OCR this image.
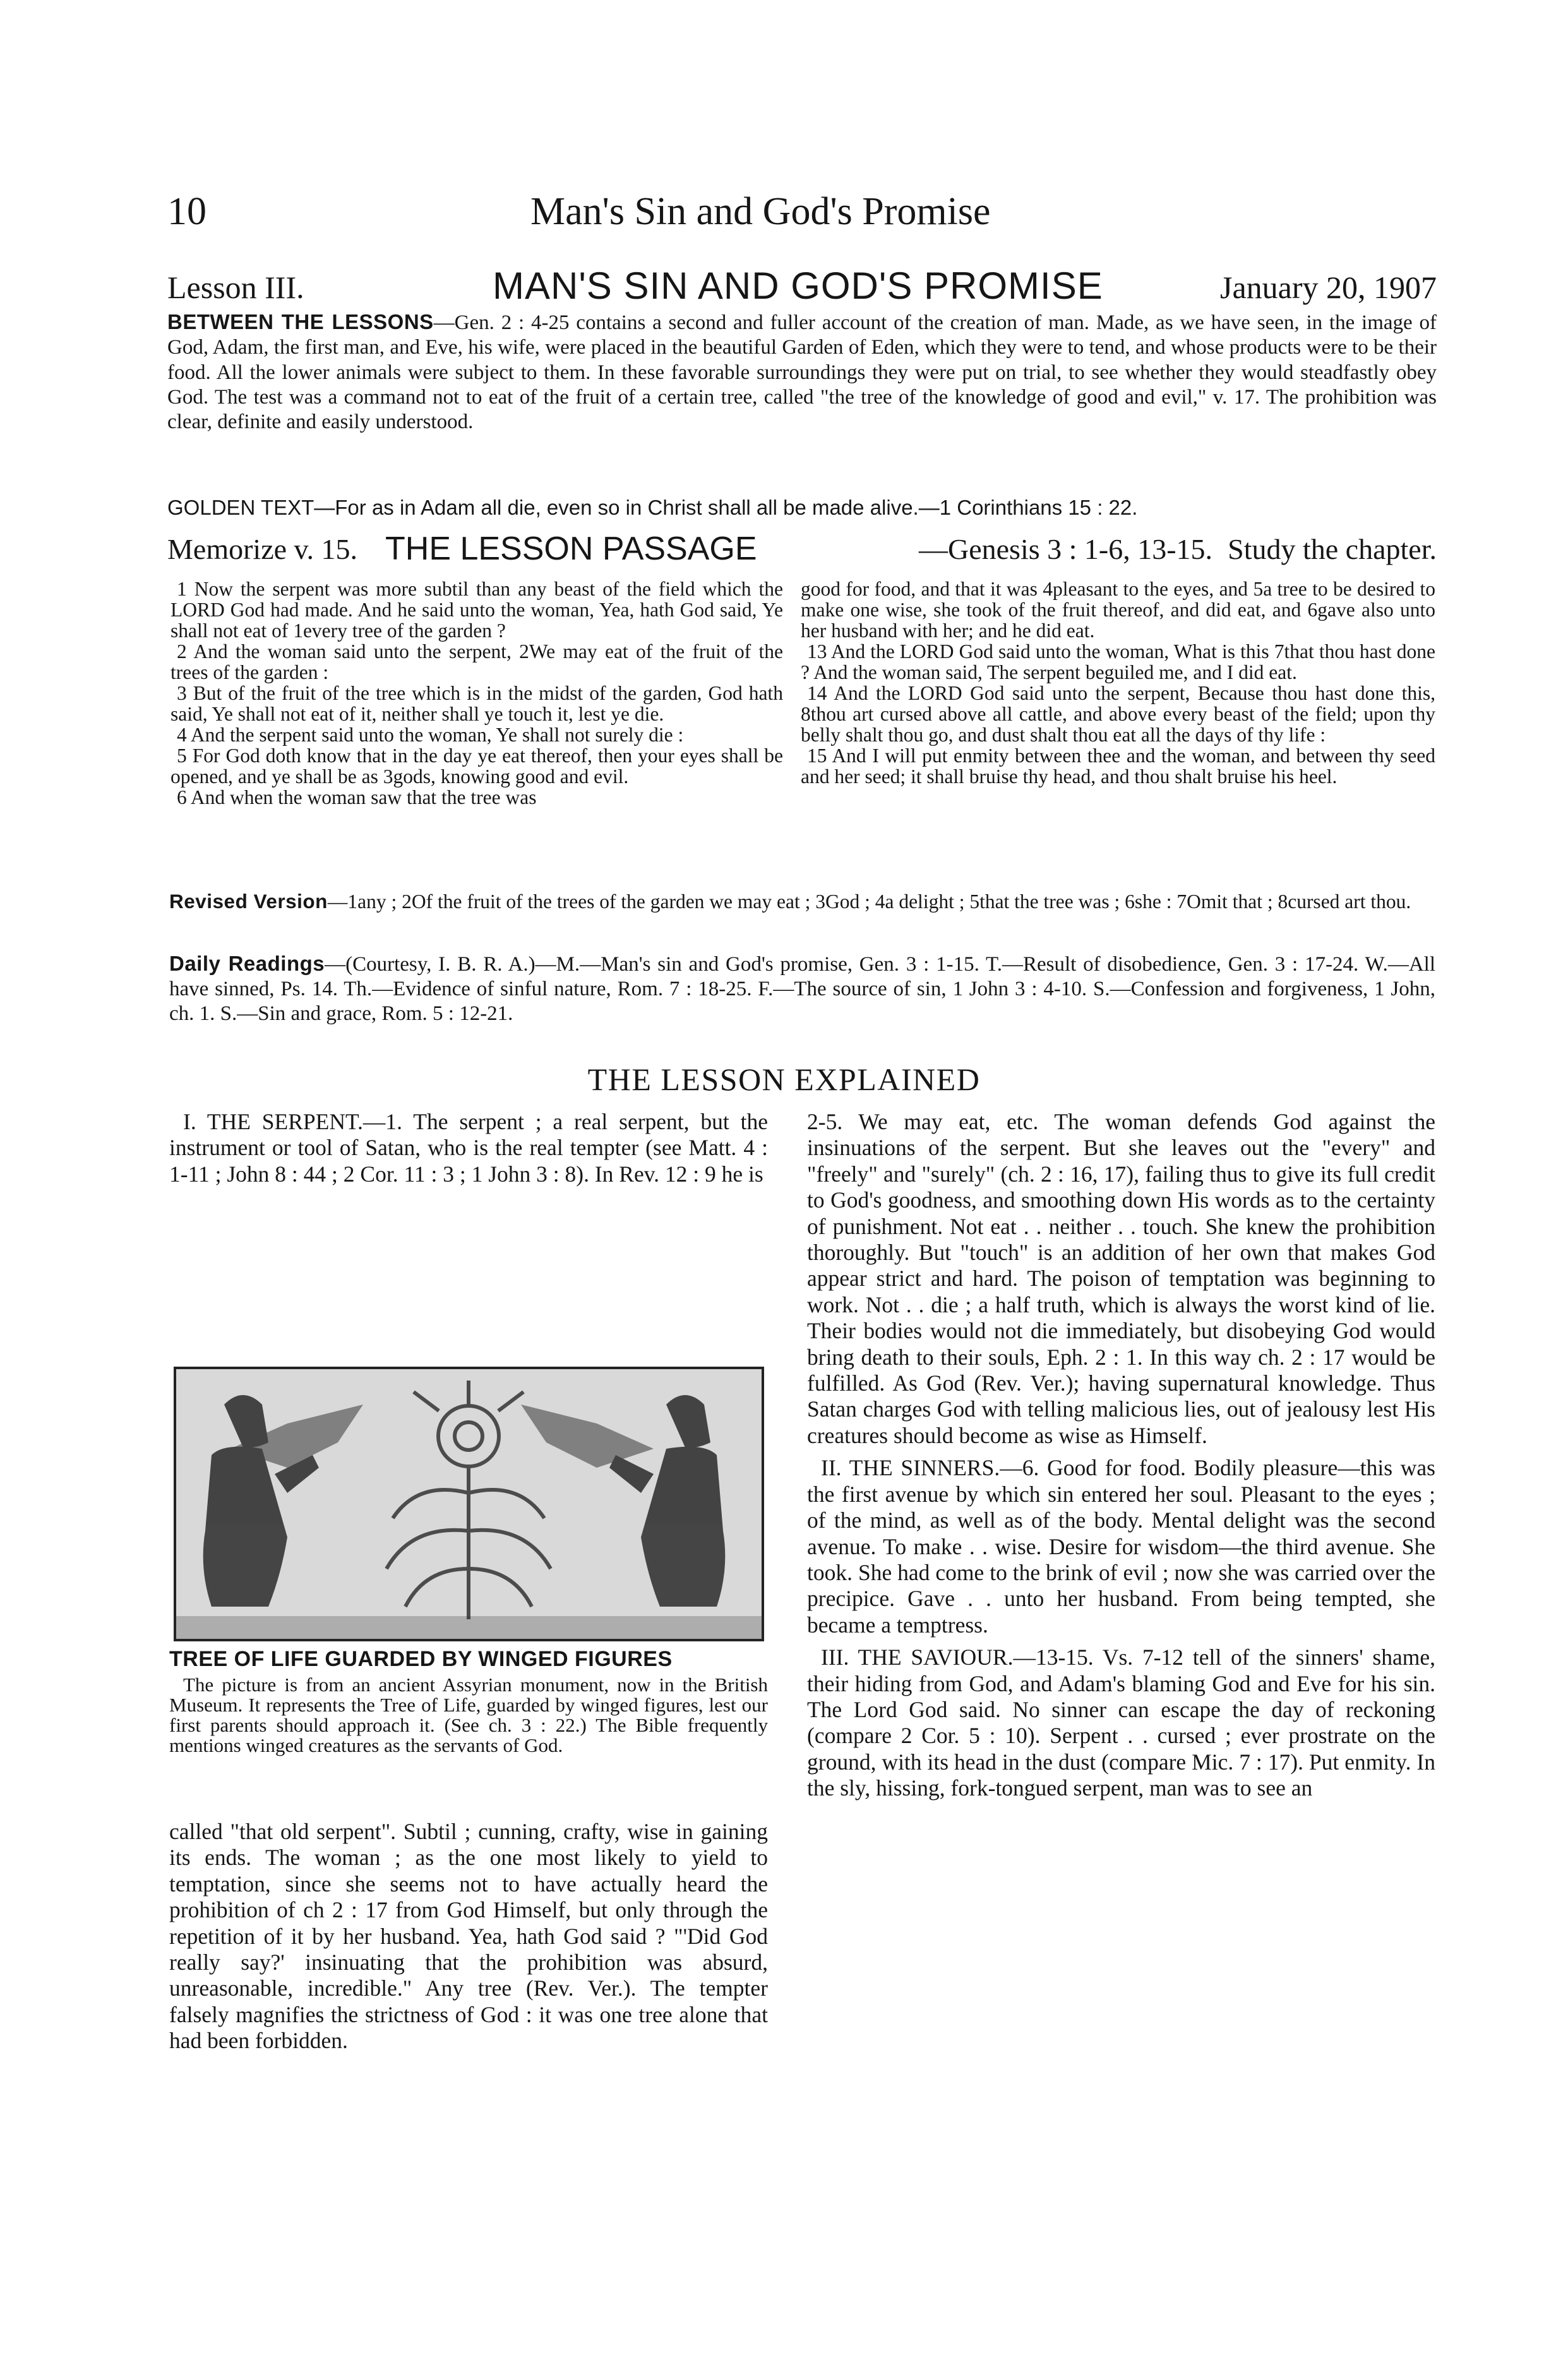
10	Man's Sin and God's Promise
Lesson III.	MAN'S SIN AND GOD'S PROMISE	January 20, 1907

BETWEEN THE LESSONS—Gen. 2 : 4-25 contains a second and fuller account of the creation of man. Made, as we have seen, in the image of God, Adam, the first man, and Eve, his wife, were placed in the beautiful Garden of Eden, which they were to tend, and whose products were to be their food. All the lower animals were subject to them. In these favorable surroundings they were put on trial, to see whether they would steadfastly obey God. The test was a command not to eat of the fruit of a certain tree, called "the tree of the knowledge of good and evil," v. 17. The prohibition was clear, definite and easily understood.

GOLDEN TEXT—For as in Adam all die, even so in Christ shall all be made alive.—1 Corinthians 15 : 22.

Memorize v. 15. THE LESSON PASSAGE	—Genesis 3 : 1-6, 13-15. Study the chapter.

1 Now the serpent was more subtil than any beast of the field which the LORD God had made. And he said unto the woman, Yea, hath God said, Ye shall not eat of 1every tree of the garden ?

2 And the woman said unto the serpent, 2We may eat of the fruit of the trees of the garden :

3 But of the fruit of the tree which is in the midst of the garden, God hath said, Ye shall not eat of it, neither shall ye touch it, lest ye die.

4 And the serpent said unto the woman, Ye shall not surely die :

5 For God doth know that in the day ye eat thereof, then your eyes shall be opened, and ye shall be as 3gods, knowing good and evil.

6 And when the woman saw that the tree was

good for food, and that it was 4pleasant to the eyes, and 5a tree to be desired to make one wise, she took of the fruit thereof, and did eat, and 6gave also unto her husband with her; and he did eat.

13 And the LORD God said unto the woman, What is this 7that thou hast done ? And the woman said, The serpent beguiled me, and I did eat.

14 And the LORD God said unto the serpent, Because thou hast done this, 8thou art cursed above all cattle, and above every beast of the field; upon thy belly shalt thou go, and dust shalt thou eat all the days of thy life :

15 And I will put enmity between thee and the woman, and between thy seed and her seed; it shall bruise thy head, and thou shalt bruise his heel.

Revised Version—1any ; 2Of the fruit of the trees of the garden we may eat ; 3God ; 4a delight ; 5that the tree was ; 6she : 7Omit that ; 8cursed art thou.

Daily Readings—(Courtesy, I. B. R. A.)—M.—Man's sin and God's promise, Gen. 3 : 1-15. T.—Result of disobedience, Gen. 3 : 17-24. W.—All have sinned, Ps. 14. Th.—Evidence of sinful nature, Rom. 7 : 18-25. F.—The source of sin, 1 John 3 : 4-10. S.—Confession and forgiveness, 1 John, ch. 1. S.—Sin and grace, Rom. 5 : 12-21.

THE LESSON EXPLAINED

I. THE SERPENT.—1. The serpent ; a real serpent, but the instrument or tool of Satan, who is the real tempter (see Matt. 4 : 1-11 ; John 8 : 44 ; 2 Cor. 11 : 3 ; 1 John 3 : 8). In Rev. 12 : 9 he is

TREE OF LIFE GUARDED BY WINGED FIGURES

The picture is from an ancient Assyrian monument, now in the British Museum. It represents the Tree of Life, guarded by winged figures, lest our first parents should approach it. (See ch. 3 : 22.) The Bible frequently mentions winged creatures as the servants of God.

called "that old serpent". Subtil ; cunning, crafty, wise in gaining its ends. The woman ; as the one most likely to yield to temptation, since she seems not to have actually heard the prohibition of ch 2 : 17 from God Himself, but only through the repetition of it by her husband. Yea, hath God said ? "'Did God really say?' insinuating that the prohibition was absurd, unreasonable, incredible." Any tree (Rev. Ver.). The tempter falsely magnifies the strictness of God : it was one tree alone that had been forbidden.

2-5. We may eat, etc. The woman defends God against the insinuations of the serpent. But she leaves out the "every" and "freely" and "surely" (ch. 2 : 16, 17), failing thus to give its full credit to God's goodness, and smoothing down His words as to the certainty of punishment. Not eat . . neither . . touch. She knew the prohibition thoroughly. But "touch" is an addition of her own that makes God appear strict and hard. The poison of temptation was beginning to work. Not . . die ; a half truth, which is always the worst kind of lie. Their bodies would not die immediately, but disobeying God would bring death to their souls, Eph. 2 : 1. In this way ch. 2 : 17 would be fulfilled. As God (Rev. Ver.); having supernatural knowledge. Thus Satan charges God with telling malicious lies, out of jealousy lest His creatures should become as wise as Himself.

II. THE SINNERS.—6. Good for food. Bodily pleasure—this was the first avenue by which sin entered her soul. Pleasant to the eyes ; of the mind, as well as of the body. Mental delight was the second avenue. To make . . wise. Desire for wisdom—the third avenue. She took. She had come to the brink of evil ; now she was carried over the precipice. Gave . . unto her husband. From being tempted, she became a temptress.

III. THE SAVIOUR.—13-15. Vs. 7-12 tell of the sinners' shame, their hiding from God, and Adam's blaming God and Eve for his sin. The Lord God said. No sinner can escape the day of reckoning (compare 2 Cor. 5 : 10). Serpent . . cursed ; ever prostrate on the ground, with its head in the dust (compare Mic. 7 : 17). Put enmity. In the sly, hissing, fork-tongued serpent, man was to see an
